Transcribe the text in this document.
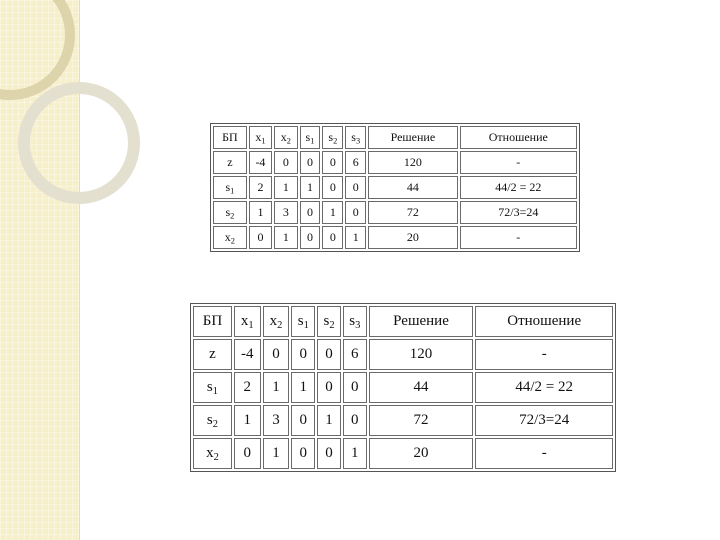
БП	$x_1$	$x_2$	$s_1$	$s_2$	$s_3$	Решение	Отношение
z	-4	0	0	0	6	120	-
$s_1$	2	1	1	0	0	44	44/2 = 22
$s_2$	1	3	0	1	0	72	72/3=24
$x_2$	0	1	0	0	1	20	-
БП	$x_1$	$x_2$	$s_1$	$s_2$	$s_3$	Решение	Отношение
z	-4	0	0	0	6	120	-
$s_1$	2	1	1	0	0	44	44/2 = 22
$s_2$	1	3	0	1	0	72	72/3=24
$x_2$	0	1	0	0	1	20	-
